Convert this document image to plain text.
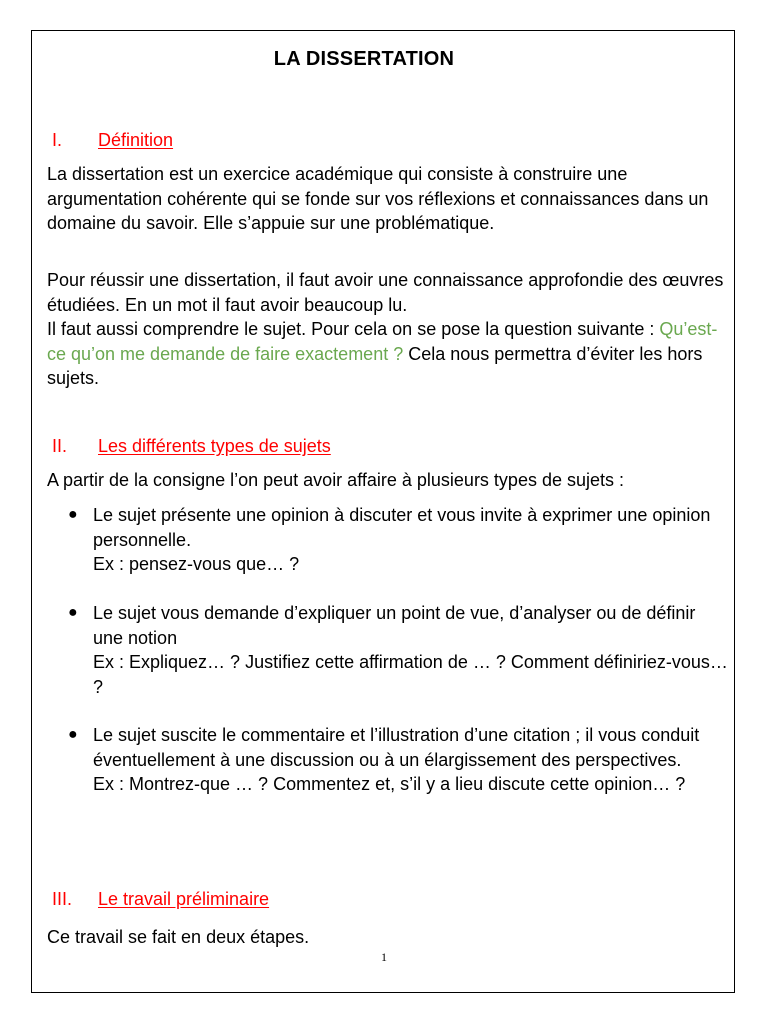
LA DISSERTATION
I. Définition

La dissertation est un exercice académique qui consiste à construire une argumentation cohérente qui se fonde sur vos réflexions et connaissances dans un domaine du savoir. Elle s’appuie sur une problématique.

Pour réussir une dissertation, il faut avoir une connaissance approfondie des œuvres étudiées. En un mot il faut avoir beaucoup lu.

Il faut aussi comprendre le sujet. Pour cela on se pose la question suivante : Qu’est-ce qu’on me demande de faire exactement ? Cela nous permettra d’éviter les hors sujets.

II. Les différents types de sujets

A partir de la consigne l’on peut avoir affaire à plusieurs types de sujets :

● Le sujet présente une opinion à discuter et vous invite à exprimer une opinion personnelle.
Ex : pensez-vous que… ?
● Le sujet vous demande d’expliquer un point de vue, d’analyser ou de définir une notion
Ex : Expliquez… ? Justifiez cette affirmation de … ? Comment définiriez-vous… ?
● Le sujet suscite le commentaire et l’illustration d’une citation ; il vous conduit éventuellement à une discussion ou à un élargissement des perspectives.
Ex : Montrez-que … ? Commentez et, s’il y a lieu discute cette opinion… ?
III. Le travail préliminaire

Ce travail se fait en deux étapes.

1
